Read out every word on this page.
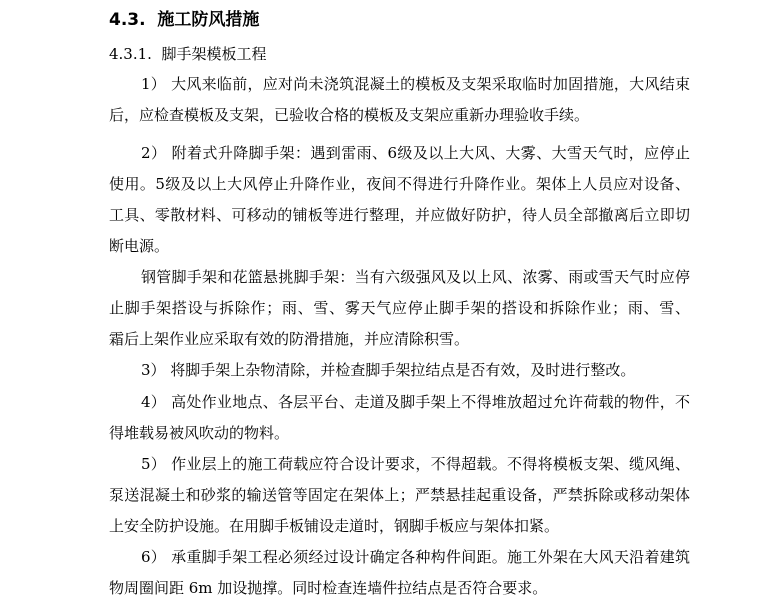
4.3. 施工防风措施
4.3.1. 脚手架模板工程
1） 大风来临前，应对尚未浇筑混凝土的模板及支架采取临时加固措施，大风结束
后，应检查模板及支架，已验收合格的模板及支架应重新办理验收手续。
2） 附着式升降脚手架：遇到雷雨、6级及以上大风、大雾、大雪天气时，应停止
使用。5级及以上大风停止升降作业，夜间不得进行升降作业。架体上人员应对设备、
工具、零散材料、可移动的铺板等进行整理，并应做好防护，待人员全部撤离后立即切
断电源。
钢管脚手架和花篮悬挑脚手架：当有六级强风及以上风、浓雾、雨或雪天气时应停
止脚手架搭设与拆除作；雨、雪、雾天气应停止脚手架的搭设和拆除作业；雨、雪、
霜后上架作业应采取有效的防滑措施，并应清除积雪。
3） 将脚手架上杂物清除，并检查脚手架拉结点是否有效，及时进行整改。
4） 高处作业地点、各层平台、走道及脚手架上不得堆放超过允许荷载的物件，不
得堆载易被风吹动的物料。
5） 作业层上的施工荷载应符合设计要求，不得超载。不得将模板支架、缆风绳、
泵送混凝土和砂浆的输送管等固定在架体上；严禁悬挂起重设备，严禁拆除或移动架体
上安全防护设施。在用脚手板铺设走道时，钢脚手板应与架体扣紧。
6） 承重脚手架工程必须经过设计确定各种构件间距。施工外架在大风天沿着建筑
物周圈间距 6m 加设抛撑。同时检查连墙件拉结点是否符合要求。
